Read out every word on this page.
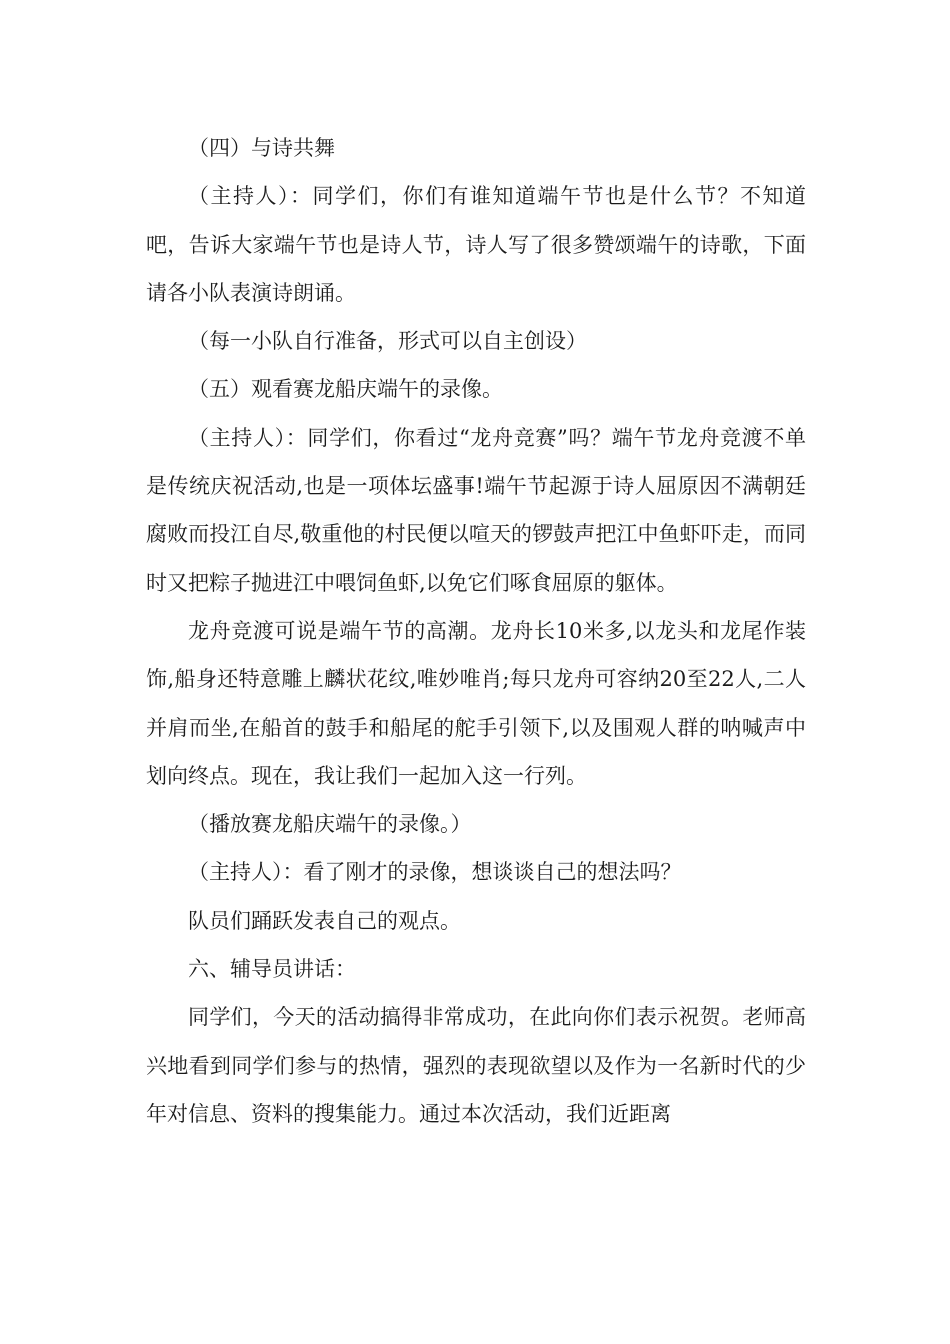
（四）与诗共舞

（主持人）：同学们，你们有谁知道端午节也是什么节？不知道吧，告诉大家端午节也是诗人节，诗人写了很多赞颂端午的诗歌，下面请各小队表演诗朗诵。

（每一小队自行准备，形式可以自主创设）

（五）观看赛龙船庆端午的录像。

（主持人）：同学们，你看过“龙舟竞赛”吗？端午节龙舟竞渡不单是传统庆祝活动,也是一项体坛盛事!端午节起源于诗人屈原因不满朝廷腐败而投江自尽,敬重他的村民便以喧天的锣鼓声把江中鱼虾吓走，而同时又把粽子抛进江中喂饲鱼虾,以免它们啄食屈原的躯体。

龙舟竞渡可说是端午节的高潮。龙舟长10米多,以龙头和龙尾作装饰,船身还特意雕上麟状花纹,唯妙唯肖;每只龙舟可容纳20至22人,二人并肩而坐,在船首的鼓手和船尾的舵手引领下,以及围观人群的呐喊声中划向终点。现在，我让我们一起加入这一行列。

（播放赛龙船庆端午的录像。）

（主持人）：看了刚才的录像，想谈谈自己的想法吗？

队员们踊跃发表自己的观点。

六、辅导员讲话：

同学们，今天的活动搞得非常成功，在此向你们表示祝贺。老师高兴地看到同学们参与的热情，强烈的表现欲望以及作为一名新时代的少年对信息、资料的搜集能力。通过本次活动，我们近距离
